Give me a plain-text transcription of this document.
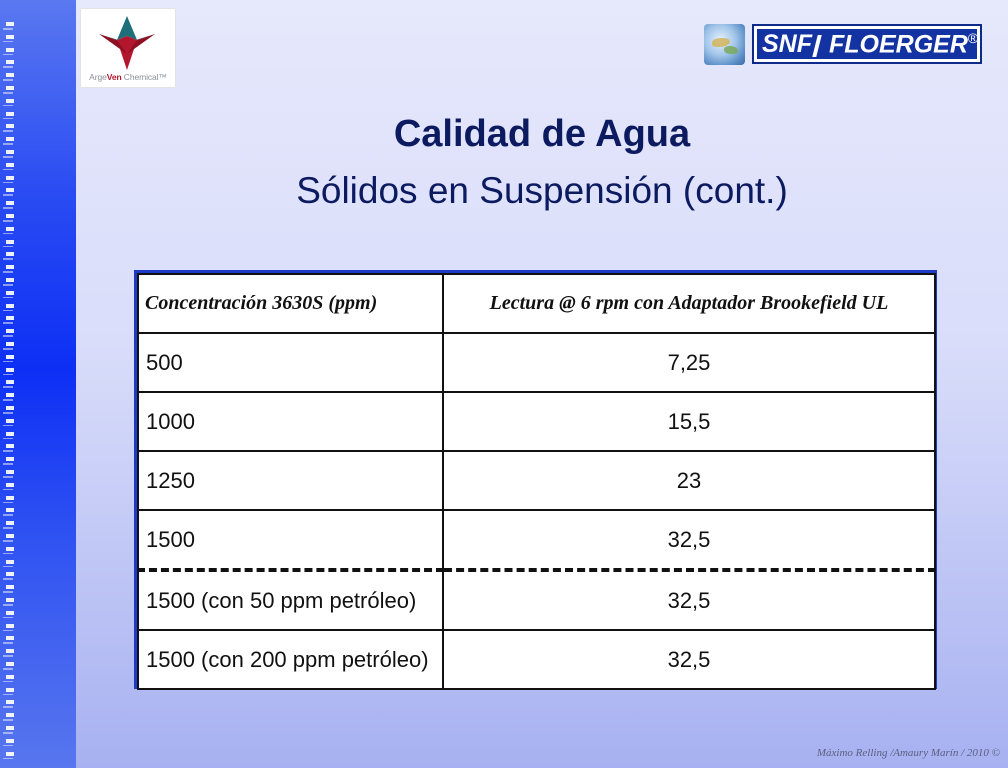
ArgeVen Chemical™
SNF FLOERGER®
Calidad de Agua
Sólidos en Suspensión (cont.)
Concentración 3630S (ppm)	Lectura @ 6 rpm con Adaptador Brookefield UL
500	7,25
1000	15,5
1250	23
1500	32,5
1500 (con 50 ppm petróleo)	32,5
1500 (con 200 ppm petróleo)	32,5
Máximo Relling /Amaury Marín / 2010 ©
